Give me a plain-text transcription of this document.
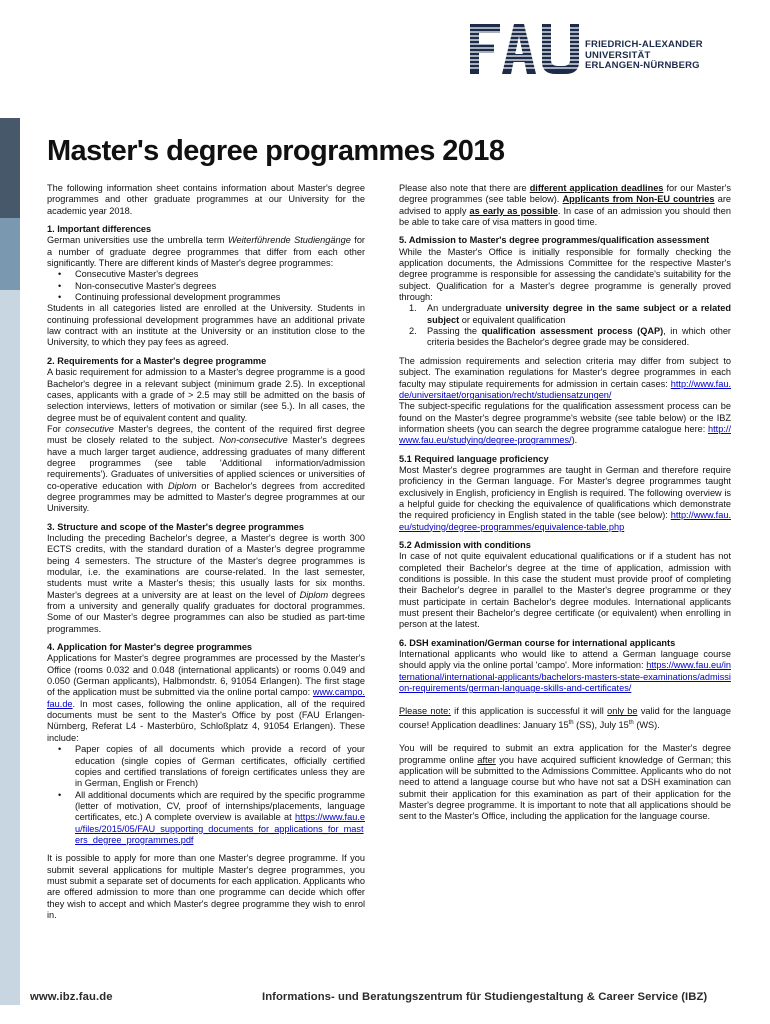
FRIEDRICH-ALEXANDER
UNIVERSITÄT
ERLANGEN-NÜRNBERG
Master's degree programmes 2018

The following information sheet contains information about Master's degree programmes and other graduate programmes at our University for the academic year 2018.

1. Important differences

German universities use the umbrella term Weiterführende Studiengänge for a number of graduate degree programmes that differ from each other significantly. There are different kinds of Master's degree programmes:

• Consecutive Master's degrees
• Non-consecutive Master's degrees
• Continuing professional development programmes

Students in all categories listed are enrolled at the University. Students in continuing professional development programmes have an additional private law contract with an institute at the University or an institution close to the University, to which they pay fees as agreed.

2. Requirements for a Master's degree programme

A basic requirement for admission to a Master's degree programme is a good Bachelor's degree in a relevant subject (minimum grade 2.5). In exceptional cases, applicants with a grade of > 2.5 may still be admitted on the basis of selection interviews, letters of motivation or similar (see 5.). In all cases, the degree must be of equivalent content and quality.

For consecutive Master's degrees, the content of the required first degree must be closely related to the subject. Non-consecutive Master's degrees have a much larger target audience, addressing graduates of many different degree programmes (see table 'Additional information/admission requirements'). Graduates of universities of applied sciences or universities of co-operative education with Diplom or Bachelor's degrees from accredited degree programmes may be admitted to Master's degree programmes at our University.

3. Structure and scope of the Master's degree programmes

Including the preceding Bachelor's degree, a Master's degree is worth 300 ECTS credits, with the standard duration of a Master's degree programme being 4 semesters. The structure of the Master's degree programmes is modular, i.e. the examinations are course-related. In the last semester, students must write a Master's thesis; this usually lasts for six months. Master's degrees at a university are at least on the level of Diplom degrees from a university and generally qualify graduates for doctoral programmes. Some of our Master's degree programmes can also be studied as part-time programmes.

4. Application for Master's degree programmes

Applications for Master's degree programmes are processed by the Master's Office (rooms 0.032 and 0.048 (international applicants) or rooms 0.049 and 0.050 (German applicants), Halbmondstr. 6, 91054 Erlangen). The first stage of the application must be submitted via the online portal campo: www.campo.fau.de. In most cases, following the online application, all of the required documents must be sent to the Master's Office by post (FAU Erlangen-Nürnberg, Referat L4 - Masterbüro, Schloßplatz 4, 91054 Erlangen). These include:

• Paper copies of all documents which provide a record of your education (single copies of German certificates, officially certified copies and certified translations of foreign certificates unless they are in German, English or French)
• All additional documents which are required by the specific programme (letter of motivation, CV, proof of internships/placements, language certificates, etc.) A complete overview is available at https://www.fau.eu/files/2015/05/FAU_supporting_documents_for_applications_for_masters_degree_programmes.pdf

It is possible to apply for more than one Master's degree programme. If you submit several applications for multiple Master's degree programmes, you must submit a separate set of documents for each application. Applicants who are offered admission to more than one programme can decide which offer they wish to accept and which Master's degree programme they wish to enrol in.

Please also note that there are different application deadlines for our Master's degree programmes (see table below). Applicants from Non-EU countries are advised to apply as early as possible. In case of an admission you should then be able to take care of visa matters in good time.

5. Admission to Master's degree programmes/qualification assessment

While the Master's Office is initially responsible for formally checking the application documents, the Admissions Committee for the respective Master's degree programme is responsible for assessing the candidate's suitability for the subject. Qualification for a Master's degree programme is generally proved through:

1. An undergraduate university degree in the same subject or a related subject or equivalent qualification
2. Passing the qualification assessment process (QAP), in which other criteria besides the Bachelor's degree grade may be considered.

The admission requirements and selection criteria may differ from subject to subject. The examination regulations for Master's degree programmes in each faculty may stipulate requirements for admission in certain cases: http://www.fau.de/universitaet/organisation/recht/studiensatzungen/

The subject-specific regulations for the qualification assessment process can be found on the Master's degree programme's website (see table below) or the IBZ information sheets (you can search the degree programme catalogue here: http://www.fau.eu/studying/degree-programmes/).

5.1 Required language proficiency

Most Master's degree programmes are taught in German and therefore require proficiency in the German language. For Master's degree programmes taught exclusively in English, proficiency in English is required. The following overview is a helpful guide for checking the equivalence of qualifications which demonstrate the required proficiency in English stated in the table (see below): http://www.fau.eu/studying/degree-programmes/equivalence-table.php

5.2 Admission with conditions

In case of not quite equivalent educational qualifications or if a student has not completed their Bachelor's degree at the time of application, admission with conditions is possible. In this case the student must provide proof of completing their Bachelor's degree in parallel to the Master's degree programme or they must participate in certain Bachelor's degree modules. International applicants must present their Bachelor's degree certificate (or equivalent) when enrolling in person at the latest.

6. DSH examination/German course for international applicants

International applicants who would like to attend a German language course should apply via the online portal 'campo'. More information: https://www.fau.eu/international/international-applicants/bachelors-masters-state-examinations/admission-requirements/german-language-skills-and-certificates/

Please note: if this application is successful it will only be valid for the language course! Application deadlines: January 15th (SS), July 15th (WS).

You will be required to submit an extra application for the Master's degree programme online after you have acquired sufficient knowledge of German; this application will be submitted to the Admissions Committee. Applicants who do not need to attend a language course but who have not sat a DSH examination can submit their application for this examination as part of their application for the Master's degree programme. It is important to note that all applications should be sent to the Master's Office, including the application for the language course.

www.ibz.fau.de	Informations- und Beratungszentrum für Studiengestaltung & Career Service (IBZ)
